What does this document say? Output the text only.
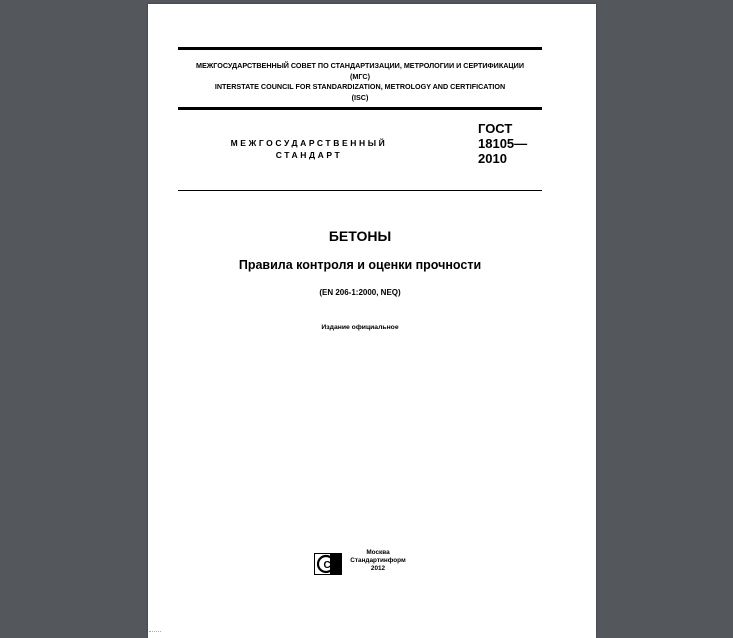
МЕЖГОСУДАРСТВЕННЫЙ СОВЕТ ПО СТАНДАРТИЗАЦИИ, МЕТРОЛОГИИ И СЕРТИФИКАЦИИ
(МГС)
INTERSTATE COUNCIL FOR STANDARDIZATION, METROLOGY AND CERTIFICATION
(ISC)
МЕЖГОСУДАРСТВЕННЫЙ
СТАНДАРТ
ГОСТ
18105—
2010
БЕТОНЫ
Правила контроля и оценки прочности
(EN 206-1:2000, NEQ)
Издание официальное
Cи
Москва
Стандартинформ
2012
